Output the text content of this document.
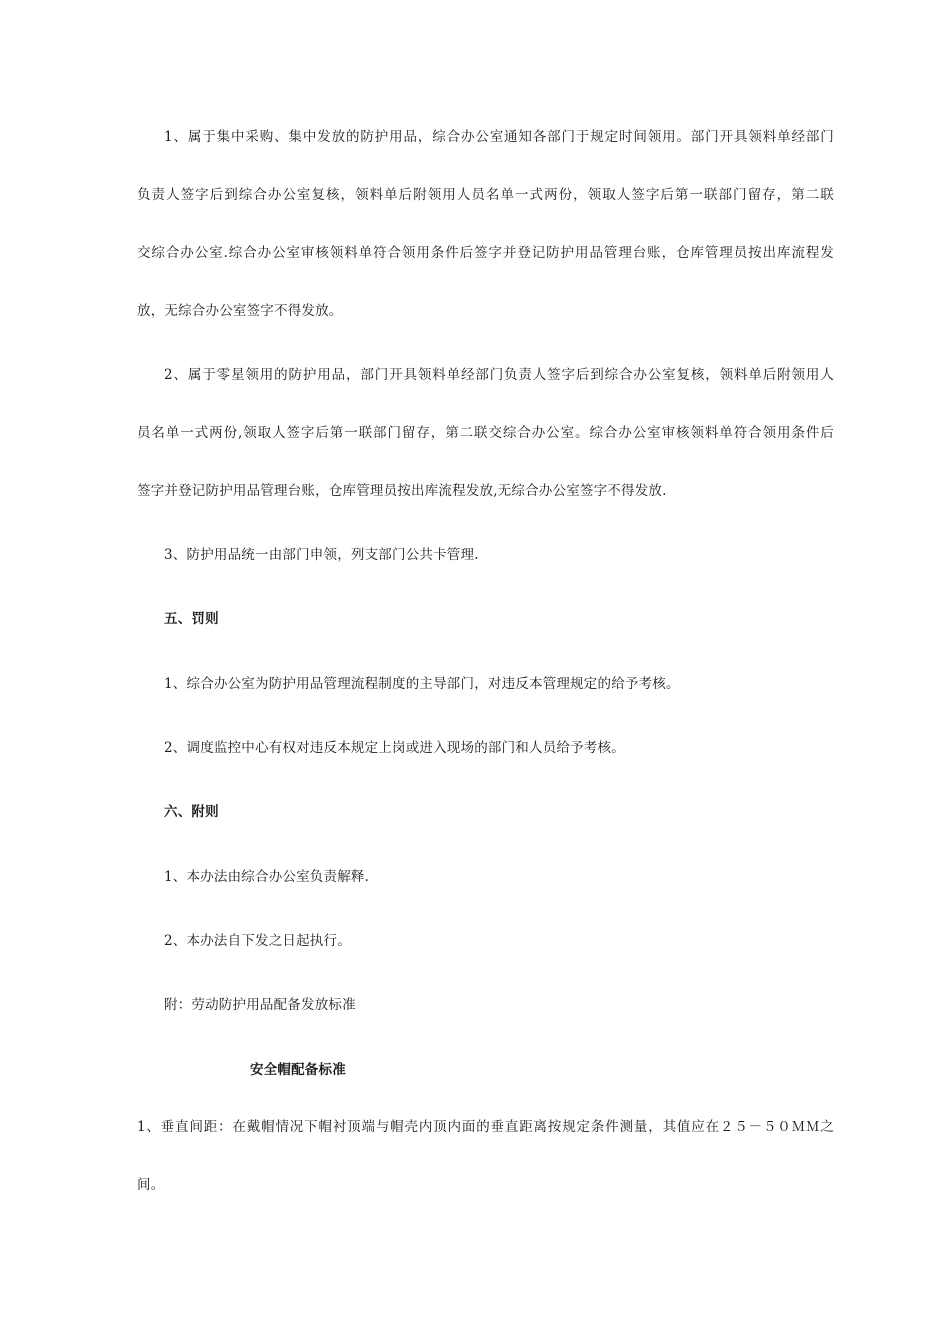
1、属于集中采购、集中发放的防护用品，综合办公室通知各部门于规定时间领用。部门开具领料单经部门
负责人签字后到综合办公室复核，领料单后附领用人员名单一式两份，领取人签字后第一联部门留存，第二联
交综合办公室.综合办公室审核领料单符合领用条件后签字并登记防护用品管理台账，仓库管理员按出库流程发
放，无综合办公室签字不得发放。
2、属于零星领用的防护用品，部门开具领料单经部门负责人签字后到综合办公室复核，领料单后附领用人
员名单一式两份,领取人签字后第一联部门留存，第二联交综合办公室。综合办公室审核领料单符合领用条件后
签字并登记防护用品管理台账，仓库管理员按出库流程发放,无综合办公室签字不得发放.
3、防护用品统一由部门申领，列支部门公共卡管理.
五、罚则
1、综合办公室为防护用品管理流程制度的主导部门，对违反本管理规定的给予考核。
2、调度监控中心有权对违反本规定上岗或进入现场的部门和人员给予考核。
六、附则
1、本办法由综合办公室负责解释.
2、本办法自下发之日起执行。
附：劳动防护用品配备发放标准
安全帽配备标准
1、垂直间距：在戴帽情况下帽衬顶端与帽壳内顶内面的垂直距离按规定条件测量，其值应在２５－５０ＭＭ之
间。
